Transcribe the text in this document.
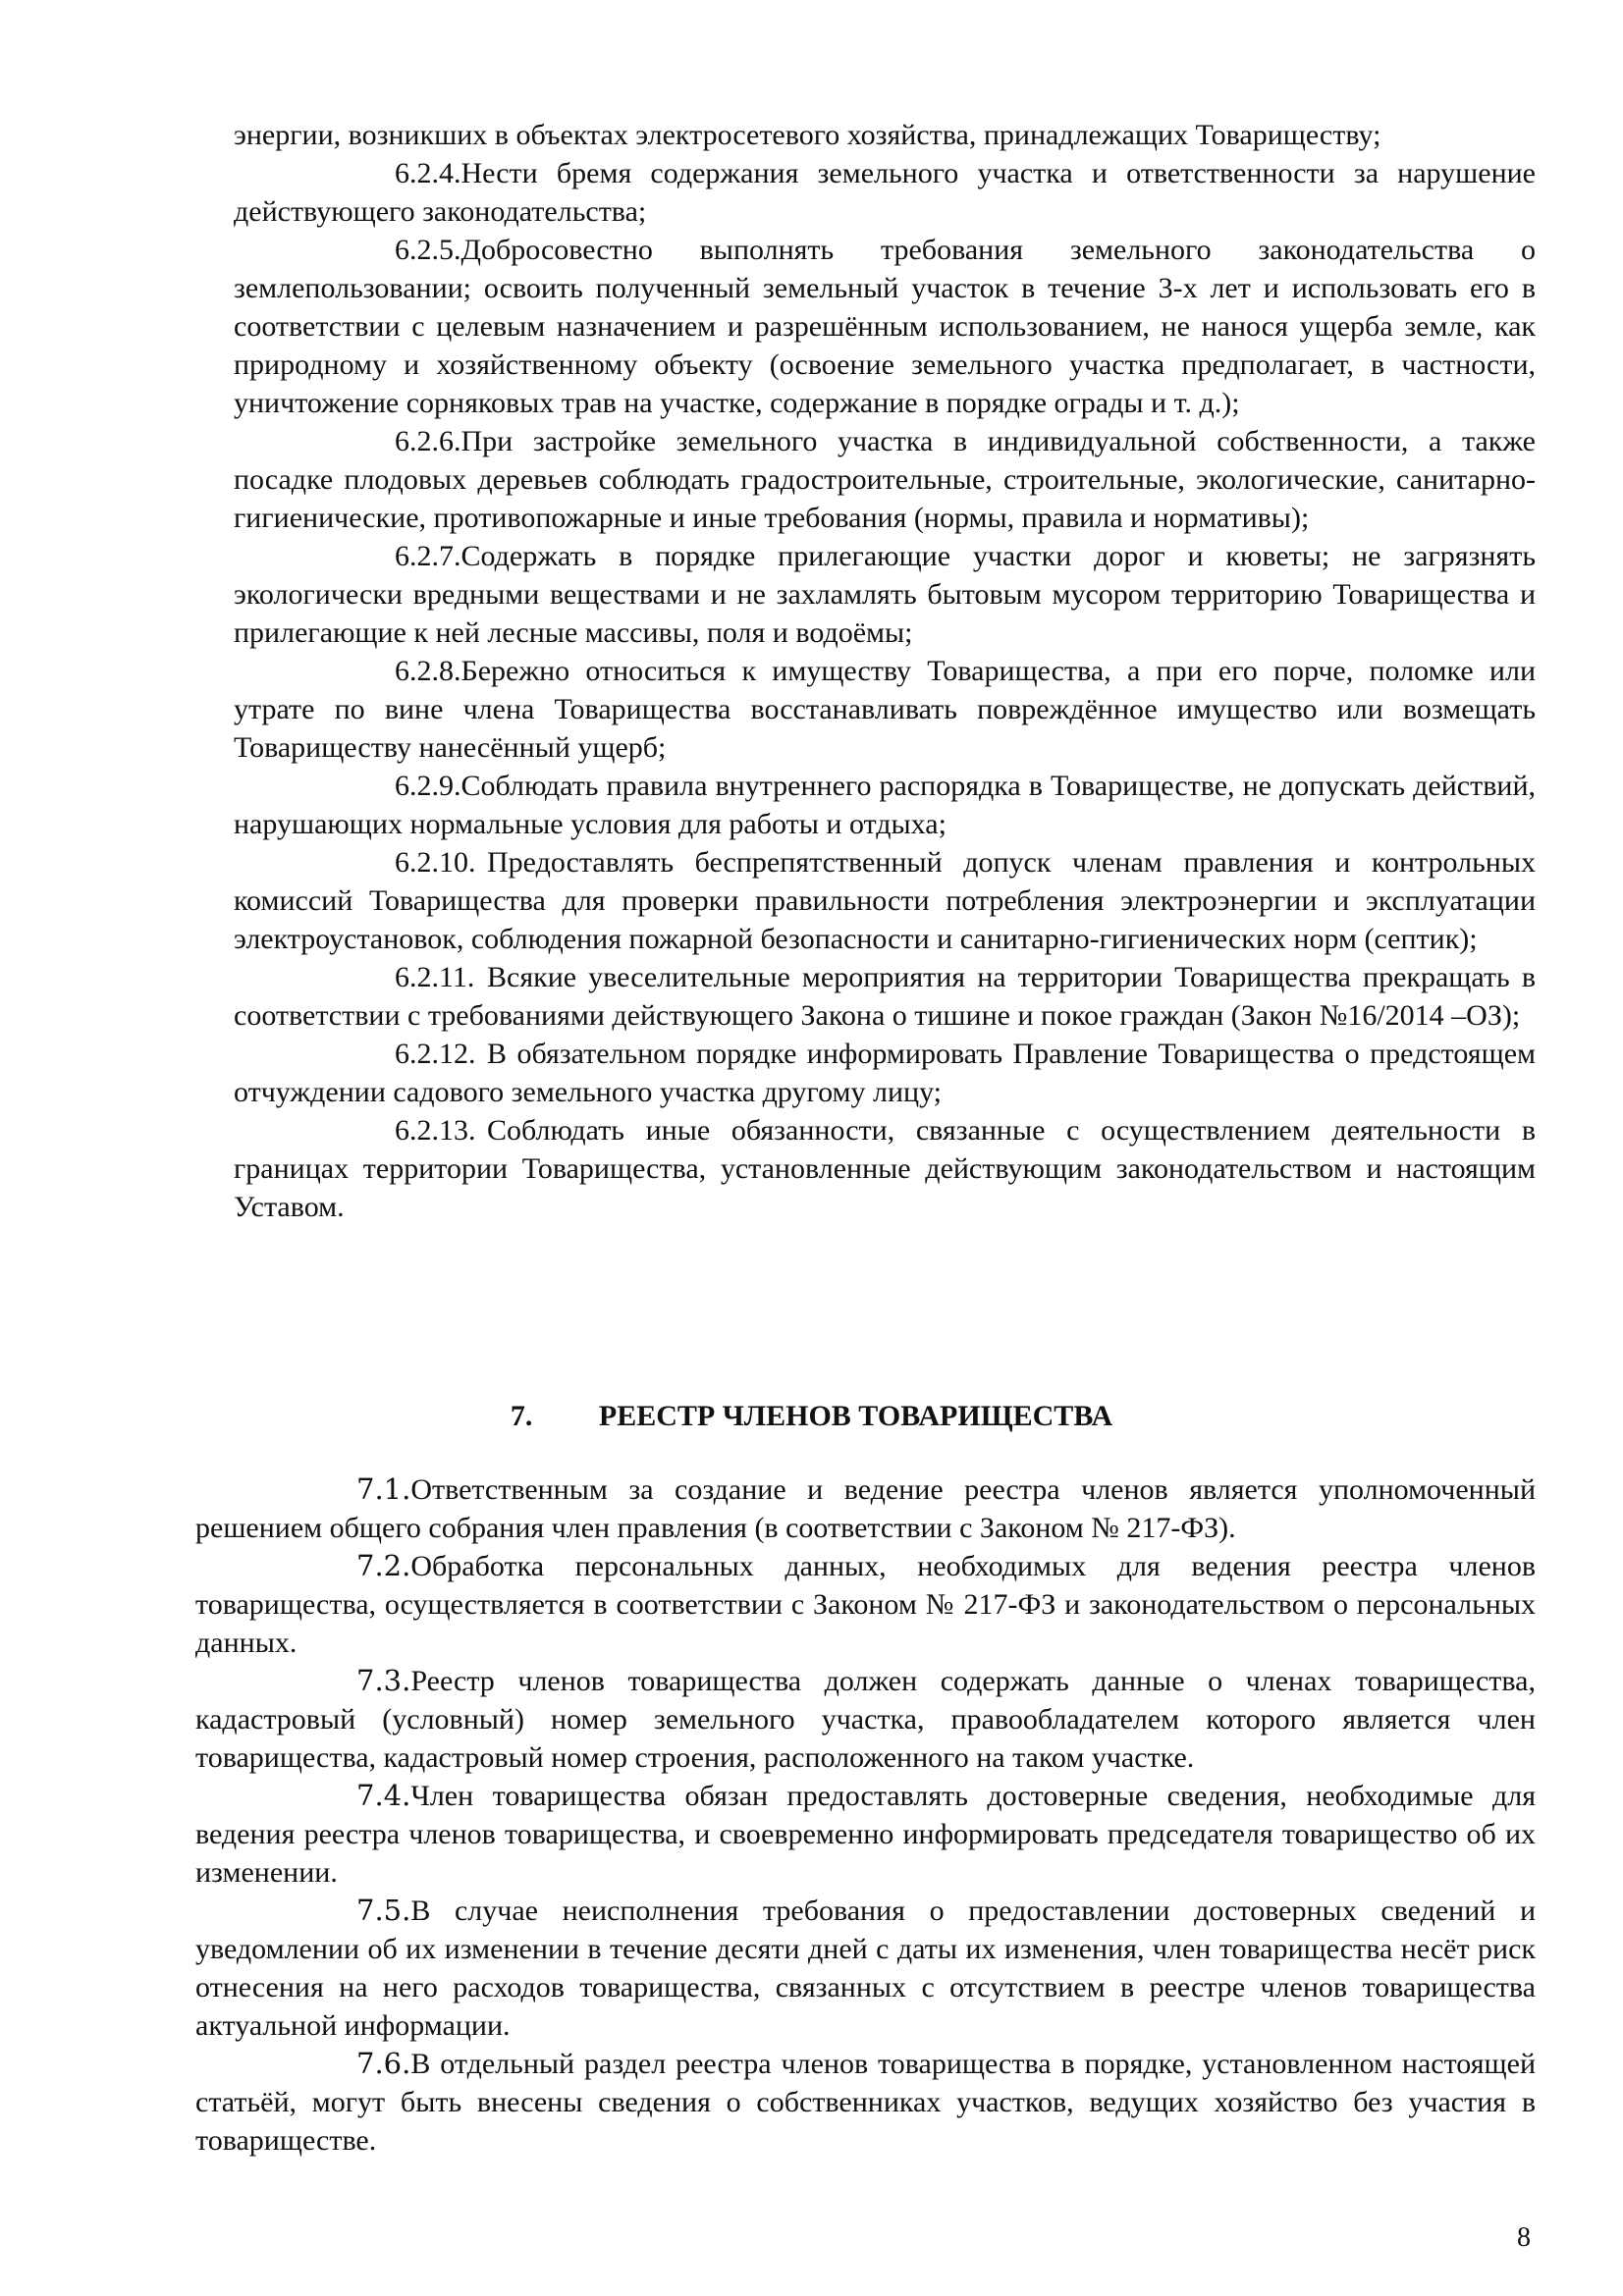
энергии, возникших в объектах электросетевого хозяйства, принадлежащих Товариществу;

6.2.4.Нести бремя содержания земельного участка и ответственности за нарушение действующего законодательства;

6.2.5.Добросовестно выполнять требования земельного законодательства о землепользовании; освоить полученный земельный участок в течение 3-х лет и использовать его в соответствии с целевым назначением и разрешённым использованием, не нанося ущерба земле, как природному и хозяйственному объекту (освоение земельного участка предполагает, в частности, уничтожение сорняковых трав на участке, содержание в порядке ограды и т. д.);

6.2.6.При застройке земельного участка в индивидуальной собственности, а также посадке плодовых деревьев соблюдать градостроительные, строительные, экологические, санитарно-гигиенические, противопожарные и иные требования (нормы, правила и нормативы);

6.2.7.Содержать в порядке прилегающие участки дорог и кюветы; не загрязнять экологически вредными веществами и не захламлять бытовым мусором территорию Товарищества и прилегающие к ней лесные массивы, поля и водоёмы;

6.2.8.Бережно относиться к имуществу Товарищества, а при его порче, поломке или утрате по вине члена Товарищества восстанавливать повреждённое имущество или возмещать Товариществу нанесённый ущерб;

6.2.9.Соблюдать правила внутреннего распорядка в Товариществе, не допускать действий, нарушающих нормальные условия для работы и отдыха;

6.2.10. Предоставлять беспрепятственный допуск членам правления и контрольных комиссий Товарищества для проверки правильности потребления электроэнергии и эксплуатации электроустановок, соблюдения пожарной безопасности и санитарно-гигиенических норм (септик);

6.2.11. Всякие увеселительные мероприятия на территории Товарищества прекращать в соответствии с требованиями действующего Закона о тишине и покое граждан (Закон №16/2014 –ОЗ);

6.2.12. В обязательном порядке информировать Правление Товарищества о предстоящем отчуждении садового земельного участка другому лицу;

6.2.13. Соблюдать иные обязанности, связанные с осуществлением деятельности в границах территории Товарищества, установленные действующим законодательством и настоящим Уставом.

7. РЕЕСТР ЧЛЕНОВ ТОВАРИЩЕСТВА

7.1.Ответственным за создание и ведение реестра членов является уполномоченный решением общего собрания член правления (в соответствии с Законом № 217-ФЗ).

7.2.Обработка персональных данных, необходимых для ведения реестра членов товарищества, осуществляется в соответствии с Законом № 217-ФЗ и законодательством о персональных данных.

7.3.Реестр членов товарищества должен содержать данные о членах товарищества, кадастровый (условный) номер земельного участка, правообладателем которого является член товарищества, кадастровый номер строения, расположенного на таком участке.

7.4.Член товарищества обязан предоставлять достоверные сведения, необходимые для ведения реестра членов товарищества, и своевременно информировать председателя товарищество об их изменении.

7.5.В случае неисполнения требования о предоставлении достоверных сведений и уведомлении об их изменении в течение десяти дней с даты их изменения, член товарищества несёт риск отнесения на него расходов товарищества, связанных с отсутствием в реестре членов товарищества актуальной информации.

7.6.В отдельный раздел реестра членов товарищества в порядке, установленном настоящей статьёй, могут быть внесены сведения о собственниках участков, ведущих хозяйство без участия в товариществе.

8
